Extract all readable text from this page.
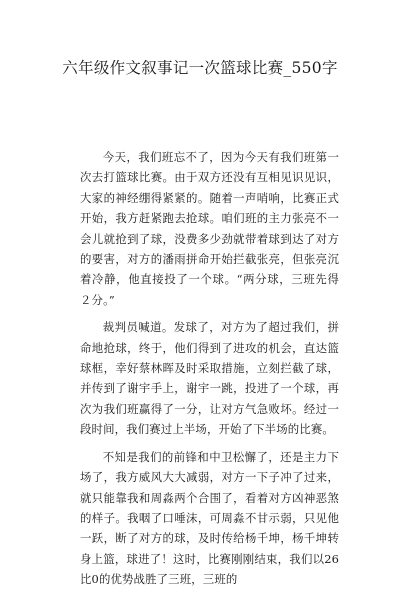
六年级作文叙事记一次篮球比赛_550字

今天，我们班忘不了，因为今天有我们班第一次去打篮球比赛。由于双方还没有互相见识见识，大家的神经绷得紧紧的。随着一声哨响，比赛正式开始，我方赶紧跑去抢球。咱们班的主力张亮不一会儿就抢到了球，没费多少劲就带着球到达了对方的要害，对方的潘雨拼命开始拦截张亮，但张亮沉着冷静，他直接投了一个球。“两分球，三班先得２分。”

裁判员喊道。发球了，对方为了超过我们，拼命地抢球，终于，他们得到了进攻的机会，直达篮球框，幸好蔡林晖及时采取措施，立刻拦截了球，并传到了谢宇手上，谢宇一跳，投进了一个球，再次为我们班赢得了一分，让对方气急败坏。经过一段时间，我们赛过上半场，开始了下半场的比赛。

不知是我们的前锋和中卫松懈了，还是主力下场了，我方威风大大减弱，对方一下子冲了过来，就只能靠我和周淼两个合围了，看着对方凶神恶煞的样子。我咽了口唾沫，可周淼不甘示弱，只见他一跃，断了对方的球，及时传给杨千坤，杨千坤转身上篮，球进了！这时，比赛刚刚结束，我们以26比0的优势战胜了三班，三班的
